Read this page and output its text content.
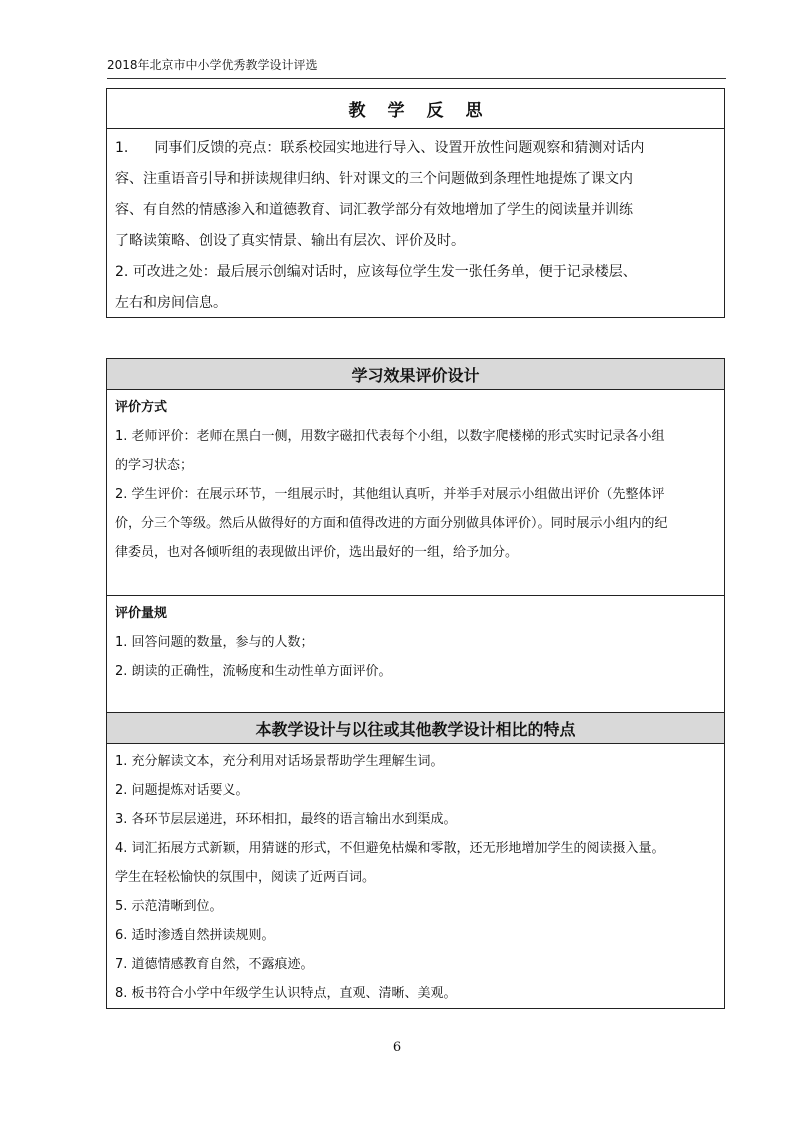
2018年北京市中小学优秀教学设计评选
教学反思

1. 同事们反馈的亮点：联系校园实地进行导入、设置开放性问题观察和猜测对话内

容、注重语音引导和拼读规律归纳、针对课文的三个问题做到条理性地提炼了课文内

容、有自然的情感渗入和道德教育、词汇教学部分有效地增加了学生的阅读量并训练

了略读策略、创设了真实情景、输出有层次、评价及时。

2. 可改进之处：最后展示创编对话时，应该每位学生发一张任务单，便于记录楼层、

左右和房间信息。

学习效果评价设计

评价方式

1. 老师评价：老师在黑白一侧，用数字磁扣代表每个小组，以数字爬楼梯的形式实时记录各小组

的学习状态；

2. 学生评价：在展示环节，一组展示时，其他组认真听，并举手对展示小组做出评价（先整体评

价，分三个等级。然后从做得好的方面和值得改进的方面分别做具体评价）。同时展示小组内的纪

律委员，也对各倾听组的表现做出评价，选出最好的一组，给予加分。

评价量规

1. 回答问题的数量，参与的人数；

2. 朗读的正确性，流畅度和生动性单方面评价。

本教学设计与以往或其他教学设计相比的特点

1. 充分解读文本，充分利用对话场景帮助学生理解生词。

2. 问题提炼对话要义。

3. 各环节层层递进，环环相扣，最终的语言输出水到渠成。

4. 词汇拓展方式新颖，用猜谜的形式，不但避免枯燥和零散，还无形地增加学生的阅读摄入量。

学生在轻松愉快的氛围中，阅读了近两百词。

5. 示范清晰到位。

6. 适时渗透自然拼读规则。

7. 道德情感教育自然，不露痕迹。

8. 板书符合小学中年级学生认识特点，直观、清晰、美观。

6
